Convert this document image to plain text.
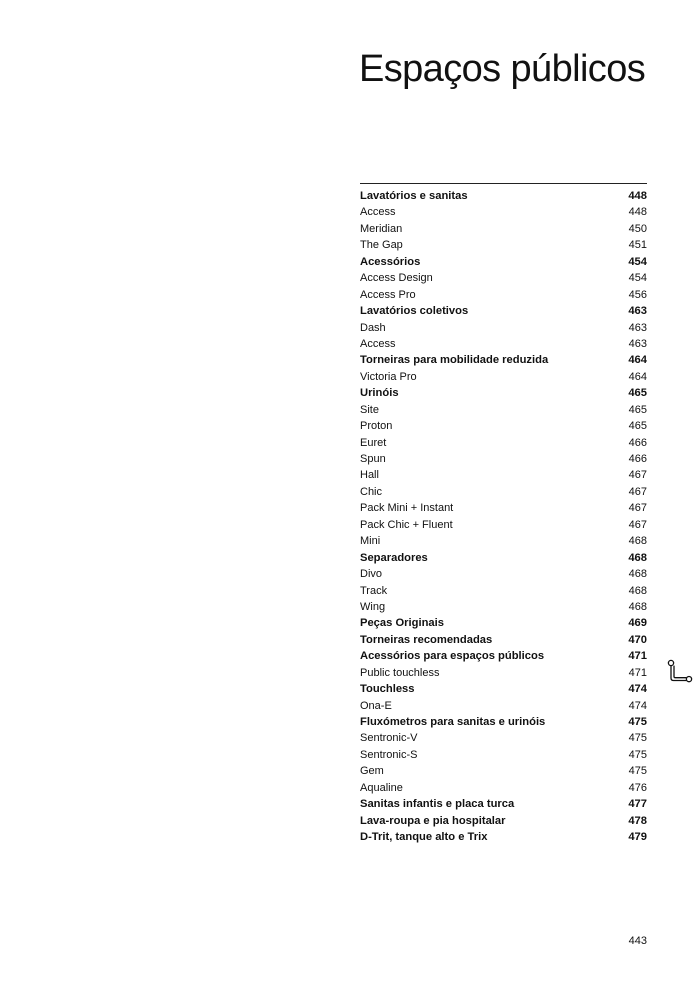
Espaços públicos
Lavatórios e sanitas	448
Access	448
Meridian	450
The Gap	451
Acessórios	454
Access Design	454
Access Pro	456
Lavatórios coletivos	463
Dash	463
Access	463
Torneiras para mobilidade reduzida	464
Victoria Pro	464
Urinóis	465
Site	465
Proton	465
Euret	466
Spun	466
Hall	467
Chic	467
Pack Mini + Instant	467
Pack Chic + Fluent	467
Mini	468
Separadores	468
Divo	468
Track	468
Wing	468
Peças Originais	469
Torneiras recomendadas	470
Acessórios para espaços públicos	471
Public touchless	471
Touchless	474
Ona-E	474
Fluxómetros para sanitas e urinóis	475
Sentronic-V	475
Sentronic-S	475
Gem	475
Aqualine	476
Sanitas infantis e placa turca	477
Lava-roupa e pia hospitalar	478
D-Trit, tanque alto e Trix	479
443
